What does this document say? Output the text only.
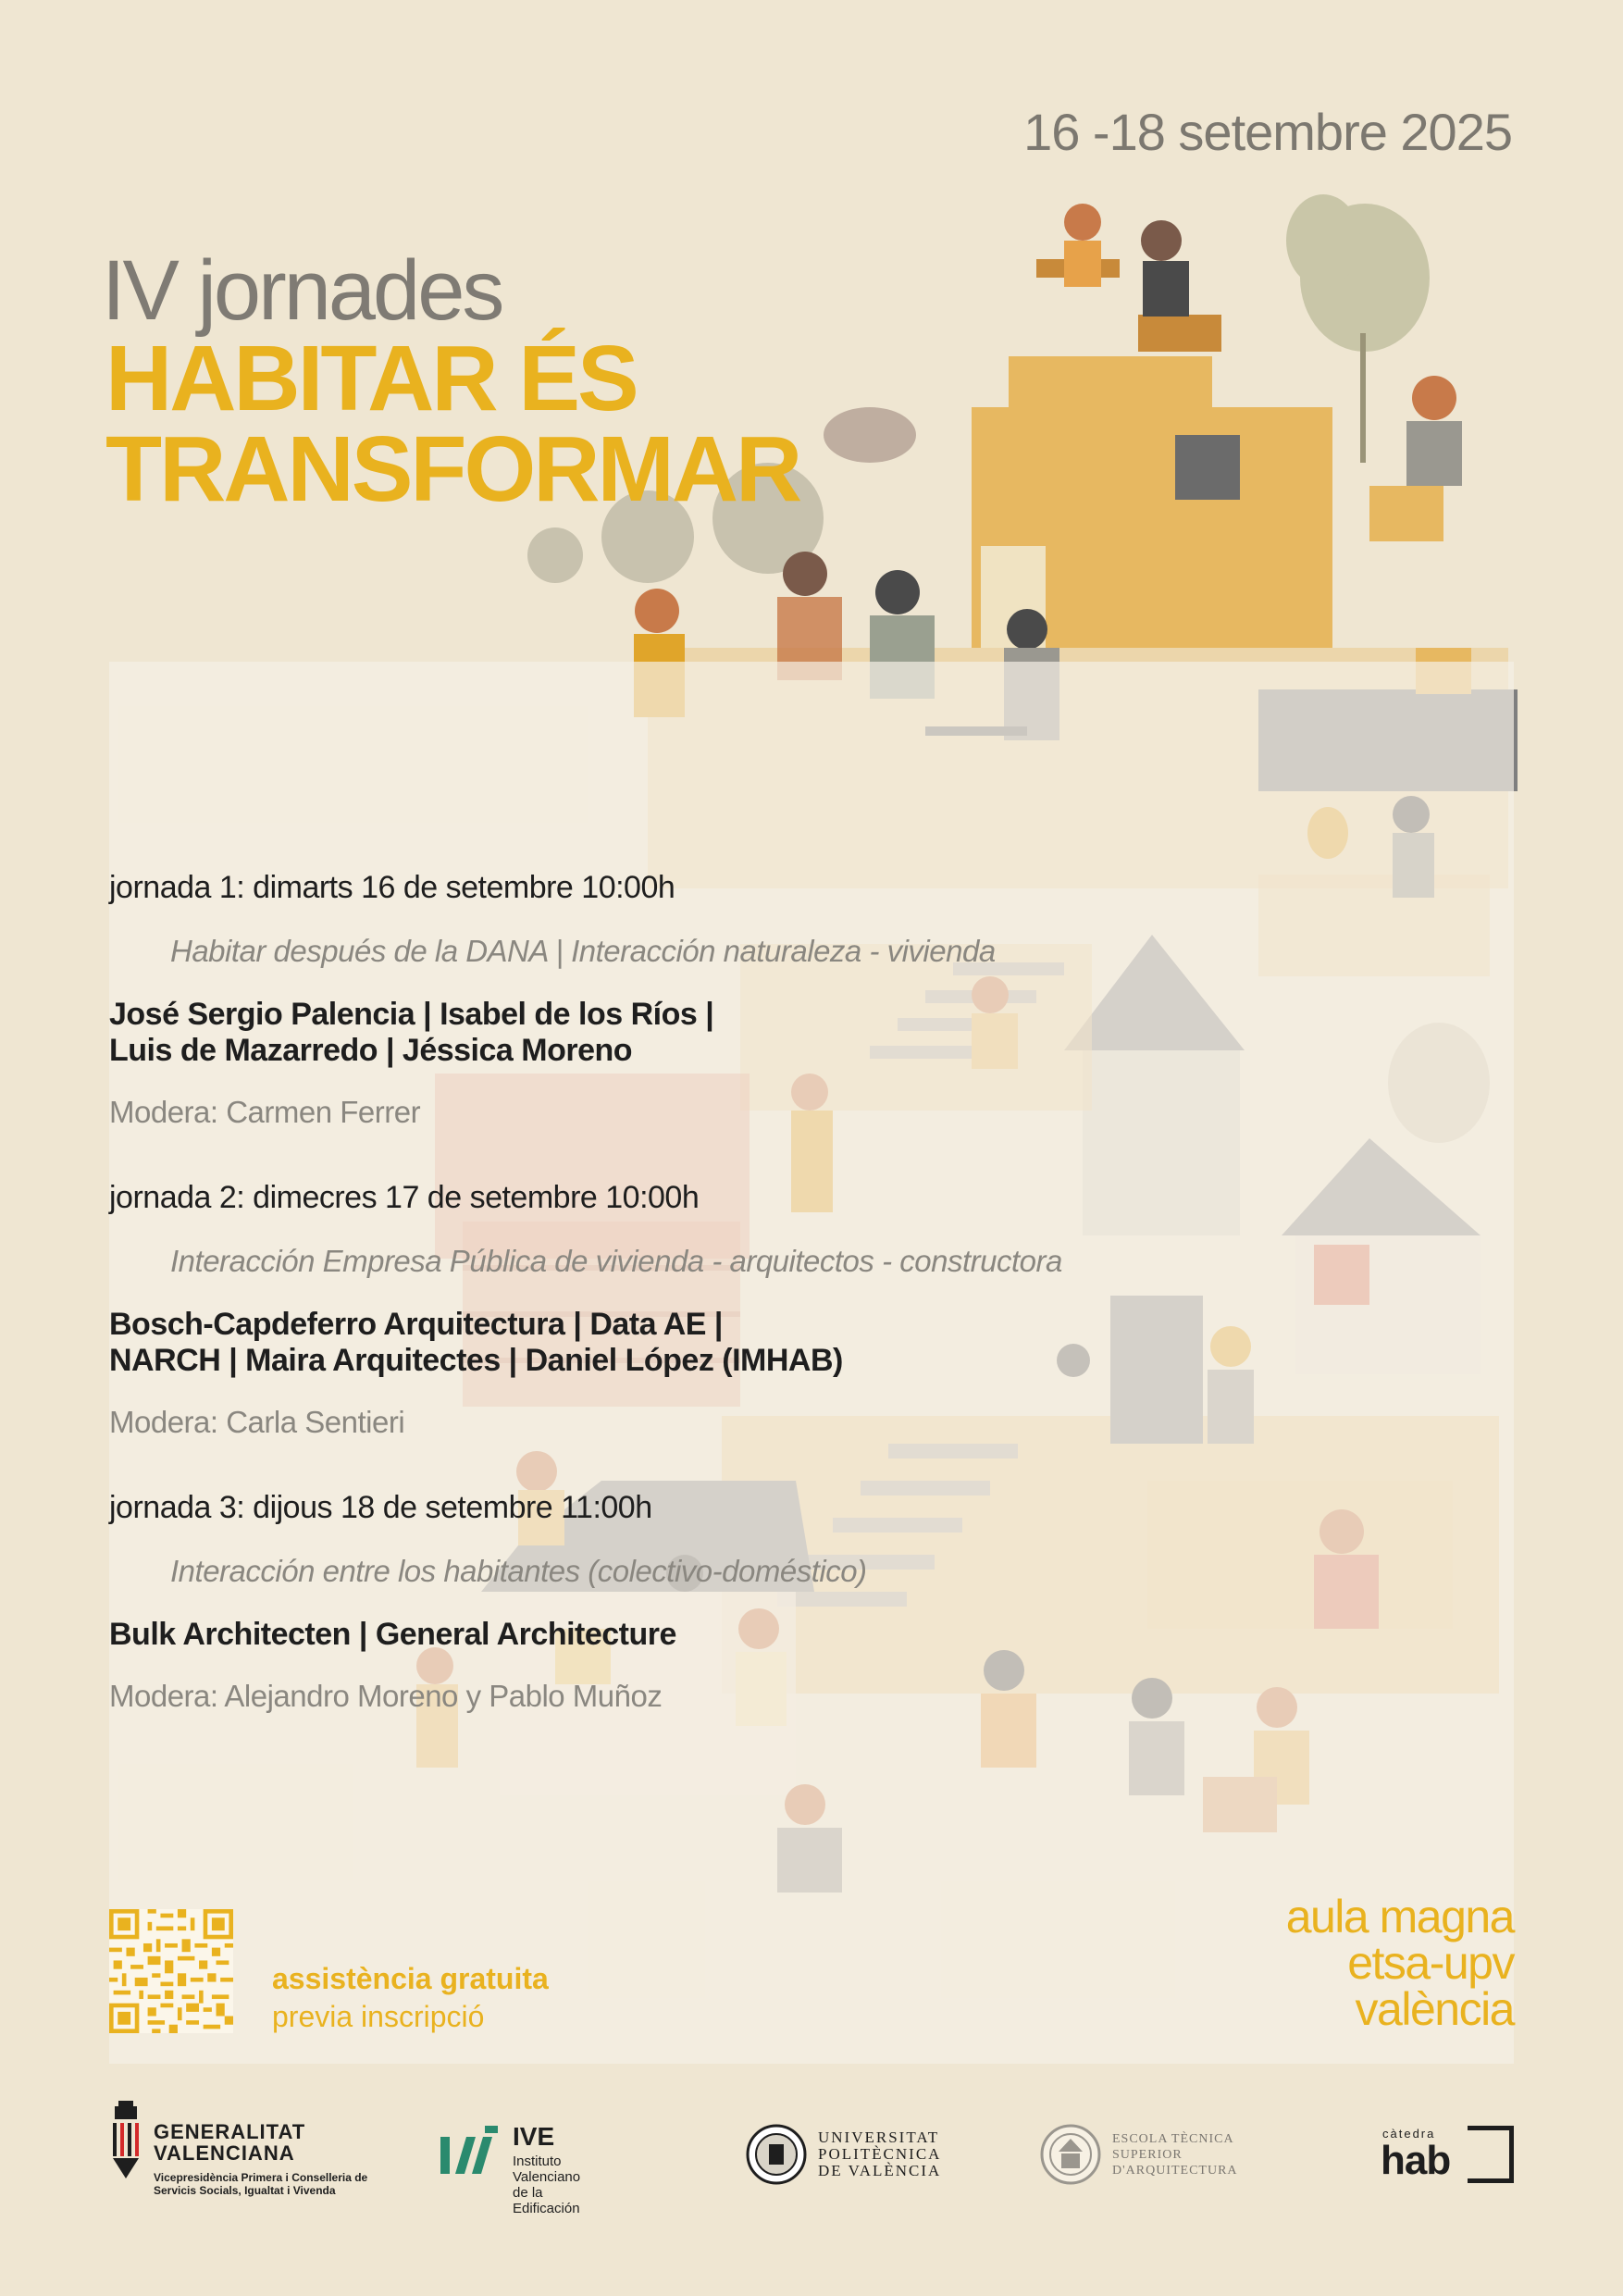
16 -18 setembre 2025
IV jornades
HABITAR ÉS
TRANSFORMAR
jornada 1: dimarts 16 de setembre 10:00h
Habitar después de la DANA | Interacción naturaleza - vivienda
José Sergio Palencia | Isabel de los Ríos |
Luis de Mazarredo | Jéssica Moreno
Modera: Carmen Ferrer
jornada 2: dimecres 17 de setembre 10:00h
Interacción Empresa Pública de vivienda - arquitectos - constructora
Bosch-Capdeferro Arquitectura | Data AE |
NARCH | Maira Arquitectes | Daniel López (IMHAB)
Modera: Carla Sentieri
jornada 3: dijous 18 de setembre 11:00h
Interacción entre los habitantes (colectivo-doméstico)
Bulk Architecten | General Architecture
Modera: Alejandro Moreno y Pablo Muñoz
assistència gratuita
previa inscripció
aula magna
etsa-upv
valència
GENERALITAT
VALENCIANA
Vicepresidència Primera i Conselleria de Servicis Socials, Igualtat i Vivenda
IVE
Instituto Valenciano
de la Edificación
UNIVERSITAT
POLITÈCNICA
DE VALÈNCIA
ESCOLA TÈCNICA
SUPERIOR
D'ARQUITECTURA
càtedra
hab
